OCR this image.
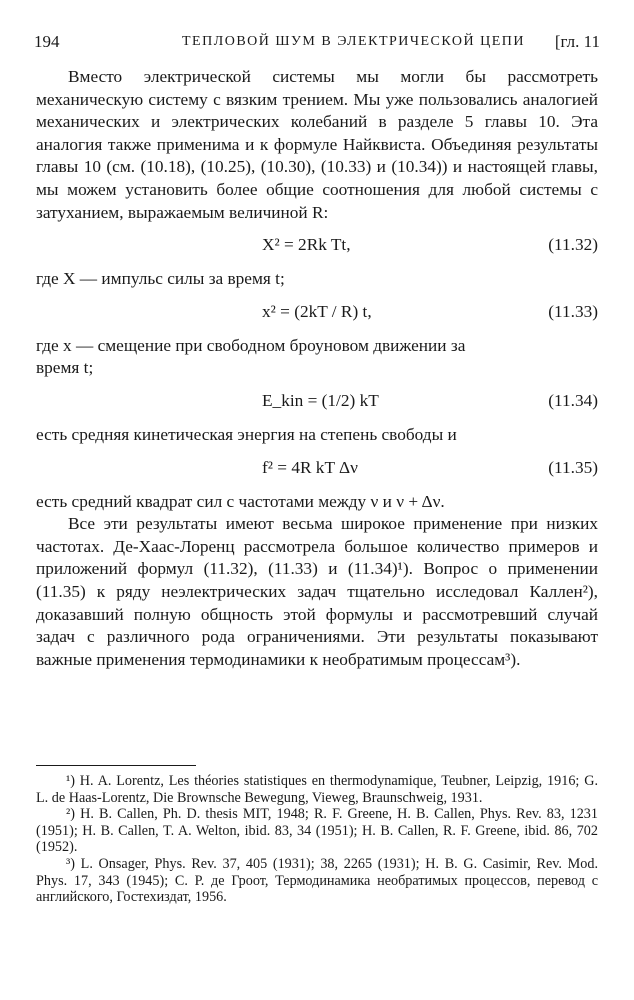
194	ТЕПЛОВОЙ ШУМ В ЭЛЕКТРИЧЕСКОЙ ЦЕПИ [гл. 11

Вместо электрической системы мы могли бы рассмотреть механическую систему с вязким трением. Мы уже пользовались аналогией механических и электрических колебаний в разделе 5 главы 10. Эта аналогия также применима и к формуле Найквиста. Объединяя результаты главы 10 (см. (10.18), (10.25), (10.30), (10.33) и (10.34)) и настоящей главы, мы можем установить более общие соотношения для любой системы с затуханием, выражаемым величиной R:

X² = 2Rk Tt,	(11.32)

где X — импульс силы за время t;

x² = (2kT / R) t,	(11.33)

где x — смещение при свободном броуновом движении за

время t;

E_kin = (1/2) kT	(11.34)

есть средняя кинетическая энергия на степень свободы и

f² = 4R kT Δν	(11.35)

есть средний квадрат сил с частотами между ν и ν + Δν.

Все эти результаты имеют весьма широкое применение при низких частотах. Де-Хаас-Лоренц рассмотрела большое количество примеров и приложений формул (11.32), (11.33) и (11.34)¹). Вопрос о применении (11.35) к ряду неэлектрических задач тщательно исследовал Каллен²), доказавший полную общность этой формулы и рассмотревший случай задач с различного рода ограничениями. Эти результаты показывают важные применения термодинамики к необратимым процессам³).

¹) H. A. Lorentz, Les théories statistiques en thermodynamique, Teubner, Leipzig, 1916; G. L. de Haas-Lorentz, Die Brownsche Bewegung, Vieweg, Braunschweig, 1931.

²) H. B. Callen, Ph. D. thesis MIT, 1948; R. F. Greene, H. B. Callen, Phys. Rev. 83, 1231 (1951); H. B. Callen, T. A. Welton, ibid. 83, 34 (1951); H. B. Callen, R. F. Greene, ibid. 86, 702 (1952).

³) L. Onsager, Phys. Rev. 37, 405 (1931); 38, 2265 (1931); H. B. G. Casimir, Rev. Mod. Phys. 17, 343 (1945); С. Р. де Гроот, Термодинамика необратимых процессов, перевод с английского, Гостехиздат, 1956.
